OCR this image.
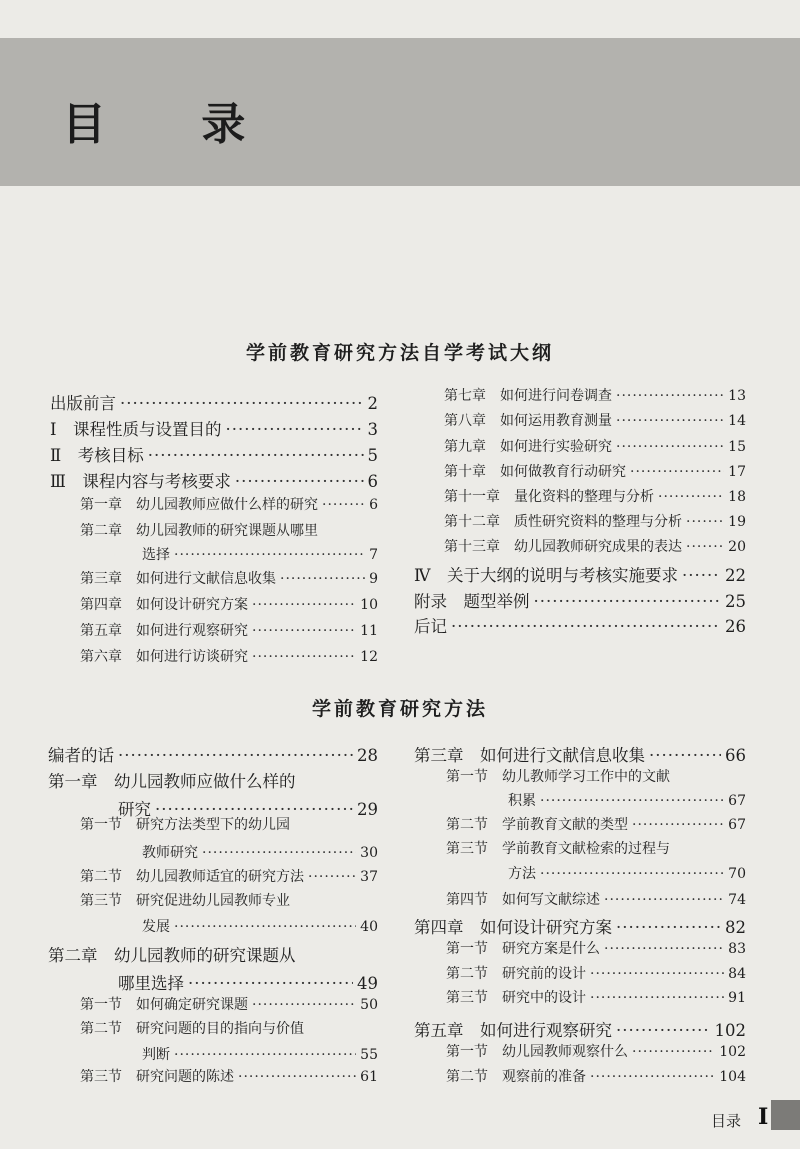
目 录
学前教育研究方法自学考试大纲
出版前言 ·····	2
Ⅰ　课程性质与设置目的 ·····	3
Ⅱ　考核目标 ·····	5
Ⅲ　课程内容与考核要求 ·····	6
第一章　幼儿园教师应做什么样的研究 ·····	6
第二章　幼儿园教师的研究课题从哪里
选择 ·····	7
第三章　如何进行文献信息收集 ·····	9
第四章　如何设计研究方案 ·····	10
第五章　如何进行观察研究 ·····	11
第六章　如何进行访谈研究 ·····	12
第七章　如何进行问卷调查 ·····	13
第八章　如何运用教育测量 ·····	14
第九章　如何进行实验研究 ·····	15
第十章　如何做教育行动研究 ·····	17
第十一章　量化资料的整理与分析 ·····	18
第十二章　质性研究资料的整理与分析 ·····	19
第十三章　幼儿园教师研究成果的表达 ·····	20
Ⅳ　关于大纲的说明与考核实施要求 ·····	22
附录　题型举例 ·····	25
后记 ·····	26
学前教育研究方法
编者的话 ·····	28
第一章　幼儿园教师应做什么样的
研究 ·····	29
第一节　研究方法类型下的幼儿园
教师研究 ·····	30
第二节　幼儿园教师适宜的研究方法 ·····	37
第三节　研究促进幼儿园教师专业
发展 ·····	40
第二章　幼儿园教师的研究课题从
哪里选择 ·····	49
第一节　如何确定研究课题 ·····	50
第二节　研究问题的目的指向与价值
判断 ·····	55
第三节　研究问题的陈述 ·····	61
第三章　如何进行文献信息收集 ·····	66
第一节　幼儿教师学习工作中的文献
积累 ·····	67
第二节　学前教育文献的类型 ·····	67
第三节　学前教育文献检索的过程与
方法 ·····	70
第四节　如何写文献综述 ·····	74
第四章　如何设计研究方案 ·····	82
第一节　研究方案是什么 ·····	83
第二节　研究前的设计 ·····	84
第三节　研究中的设计 ·····	91
第五章　如何进行观察研究 ·····	102
第一节　幼儿园教师观察什么 ·····	102
第二节　观察前的准备 ·····	104
目录 I
